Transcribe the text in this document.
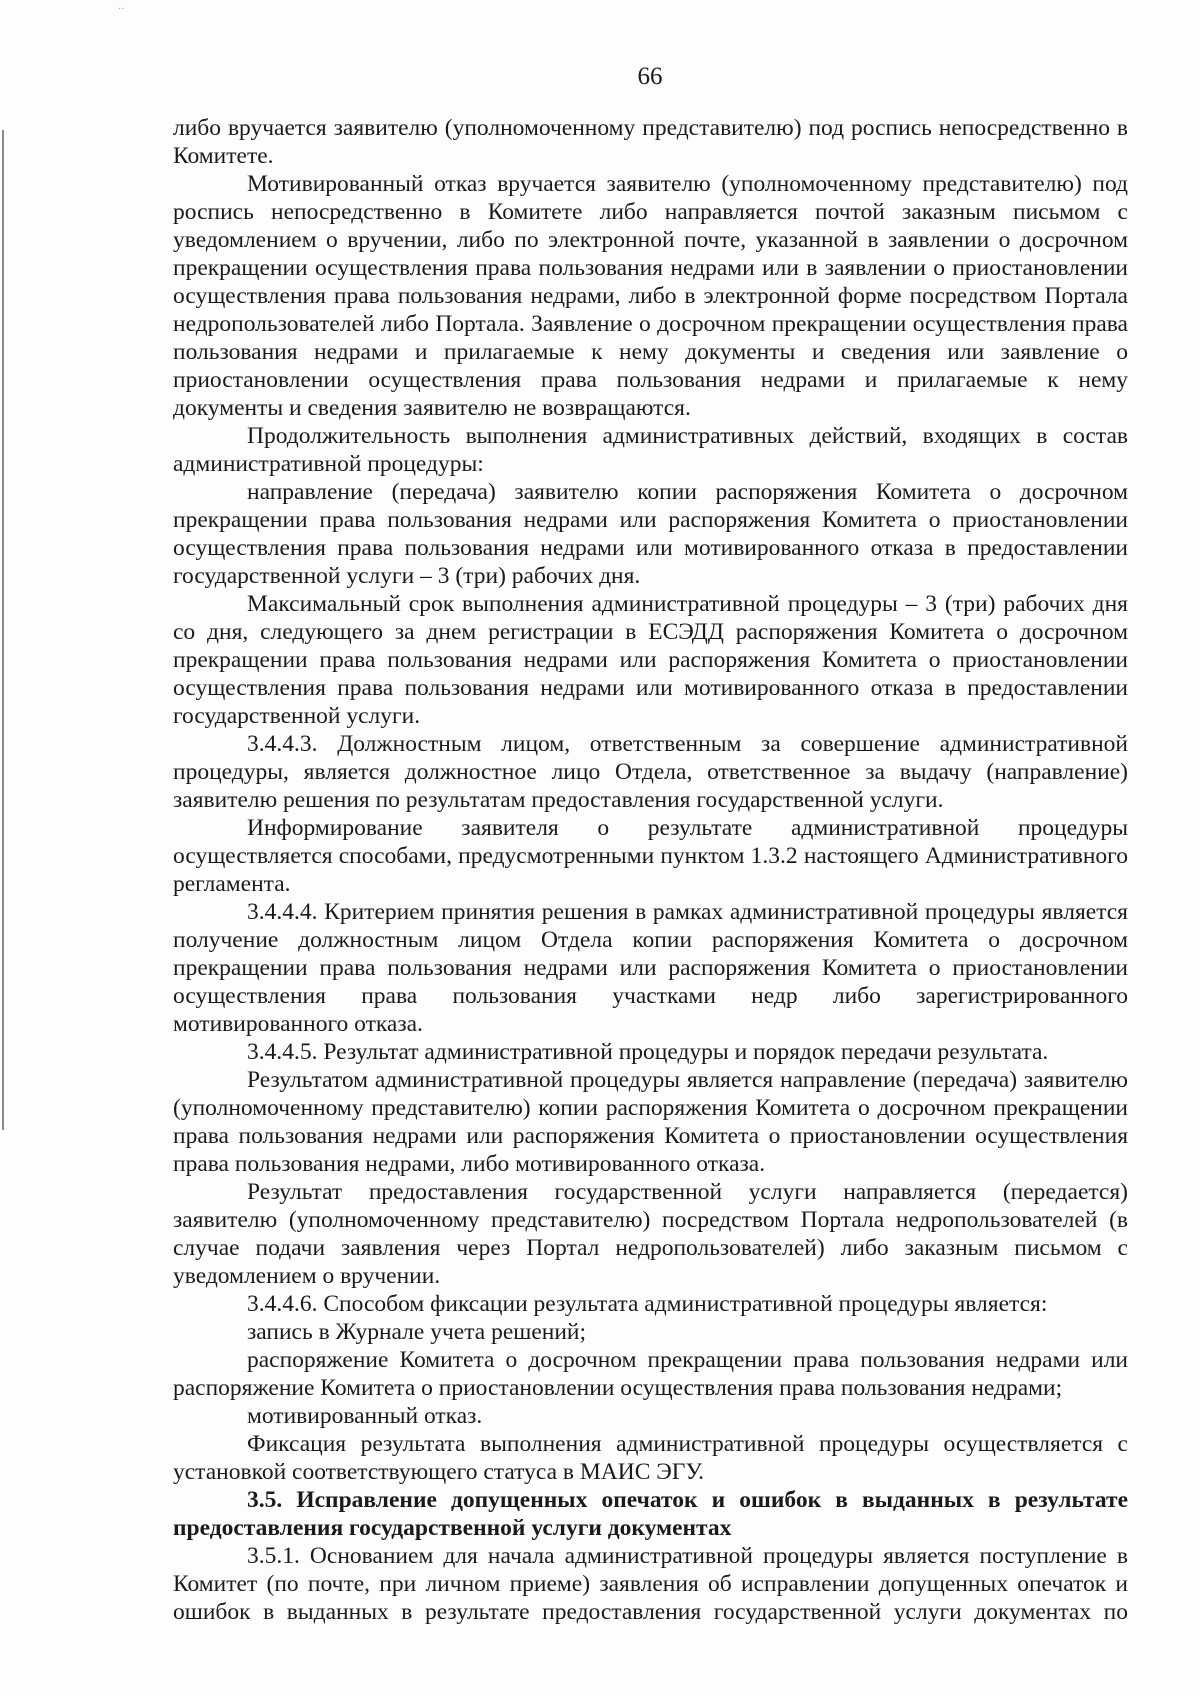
··
66

либо вручается заявителю (уполномоченному представителю) под роспись непосредственно в Комитете.

Мотивированный отказ вручается заявителю (уполномоченному представителю) под роспись непосредственно в Комитете либо направляется почтой заказным письмом с уведомлением о вручении, либо по электронной почте, указанной в заявлении о досрочном прекращении осуществления права пользования недрами или в заявлении о приостановлении осуществления права пользования недрами, либо в электронной форме посредством Портала недропользователей либо Портала. Заявление о досрочном прекращении осуществления права пользования недрами и прилагаемые к нему документы и сведения или заявление о приостановлении осуществления права пользования недрами и прилагаемые к нему документы и сведения заявителю не возвращаются.

Продолжительность выполнения административных действий, входящих в состав административной процедуры:

направление (передача) заявителю копии распоряжения Комитета о досрочном прекращении права пользования недрами или распоряжения Комитета о приостановлении осуществления права пользования недрами или мотивированного отказа в предоставлении государственной услуги – 3 (три) рабочих дня.

Максимальный срок выполнения административной процедуры – 3 (три) рабочих дня со дня, следующего за днем регистрации в ЕСЭДД распоряжения Комитета о досрочном прекращении права пользования недрами или распоряжения Комитета о приостановлении осуществления права пользования недрами или мотивированного отказа в предоставлении государственной услуги.

3.4.4.3. Должностным лицом, ответственным за совершение административной процедуры, является должностное лицо Отдела, ответственное за выдачу (направление) заявителю решения по результатам предоставления государственной услуги.

Информирование заявителя о результате административной процедуры осуществляется способами, предусмотренными пунктом 1.3.2 настоящего Административного регламента.

3.4.4.4. Критерием принятия решения в рамках административной процедуры является получение должностным лицом Отдела копии распоряжения Комитета о досрочном прекращении права пользования недрами или распоряжения Комитета о приостановлении осуществления права пользования участками недр либо зарегистрированного мотивированного отказа.

3.4.4.5. Результат административной процедуры и порядок передачи результата.

Результатом административной процедуры является направление (передача) заявителю (уполномоченному представителю) копии распоряжения Комитета о досрочном прекращении права пользования недрами или распоряжения Комитета о приостановлении осуществления права пользования недрами, либо мотивированного отказа.

Результат предоставления государственной услуги направляется (передается) заявителю (уполномоченному представителю) посредством Портала недропользователей (в случае подачи заявления через Портал недропользователей) либо заказным письмом с уведомлением о вручении.

3.4.4.6. Способом фиксации результата административной процедуры является:

запись в Журнале учета решений;

распоряжение Комитета о досрочном прекращении права пользования недрами или распоряжение Комитета о приостановлении осуществления права пользования недрами;

мотивированный отказ.

Фиксация результата выполнения административной процедуры осуществляется с установкой соответствующего статуса в МАИС ЭГУ.

3.5. Исправление допущенных опечаток и ошибок в выданных в результате предоставления государственной услуги документах

3.5.1. Основанием для начала административной процедуры является поступление в Комитет (по почте, при личном приеме) заявления об исправлении допущенных опечаток и ошибок в выданных в результате предоставления государственной услуги документах по
